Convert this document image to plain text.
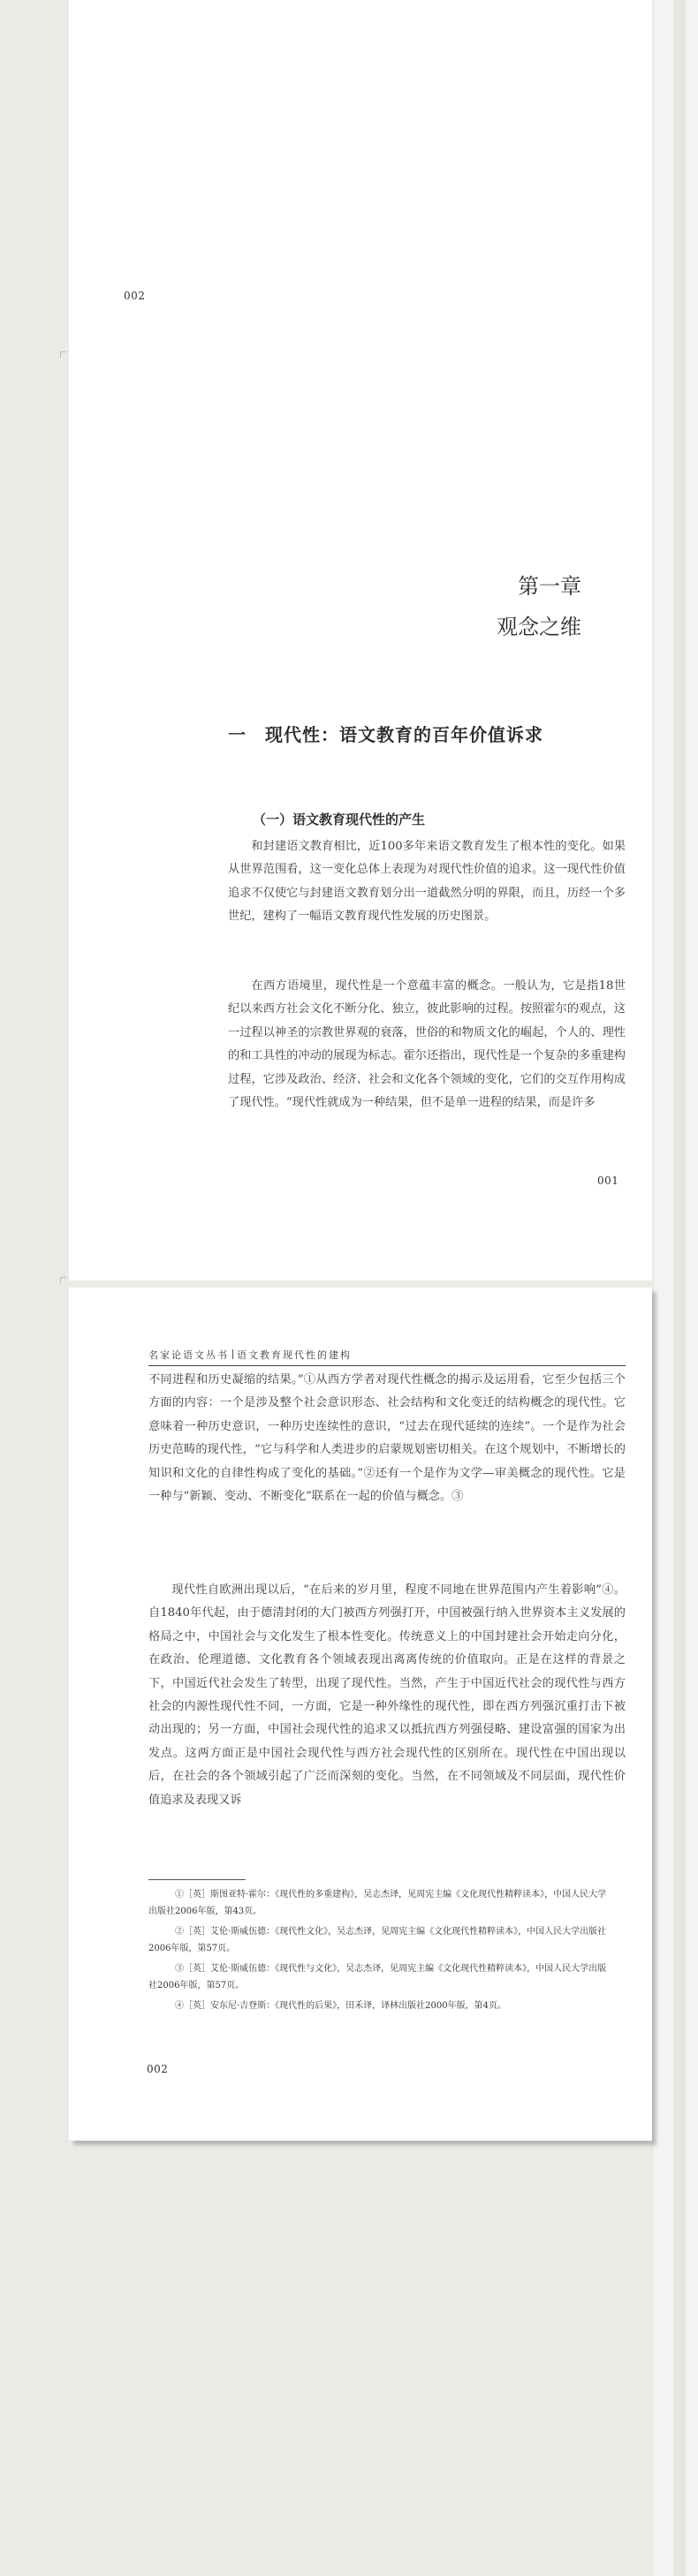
002
第一章
观念之维
一　现代性：语文教育的百年价值诉求
（一）语文教育现代性的产生

和封建语文教育相比，近100多年来语文教育发生了根本性的变化。如果从世界范围看，这一变化总体上表现为对现代性价值的追求。这一现代性价值追求不仅使它与封建语文教育划分出一道截然分明的界限，而且，历经一个多世纪，建构了一幅语文教育现代性发展的历史图景。

在西方语境里，现代性是一个意蕴丰富的概念。一般认为，它是指18世纪以来西方社会文化不断分化、独立，彼此影响的过程。按照霍尔的观点，这一过程以神圣的宗教世界观的衰落，世俗的和物质文化的崛起，个人的、理性的和工具性的冲动的展现为标志。霍尔还指出，现代性是一个复杂的多重建构过程，它涉及政治、经济、社会和文化各个领域的变化，它们的交互作用构成了现代性。“现代性就成为一种结果，但不是单一进程的结果，而是许多

001
名家论语文丛书 语文教育现代性的建构

不同进程和历史凝缩的结果。”①从西方学者对现代性概念的揭示及运用看，它至少包括三个方面的内容：一个是涉及整个社会意识形态、社会结构和文化变迁的结构概念的现代性。它意味着一种历史意识，一种历史连续性的意识，“过去在现代延续的连续”。一个是作为社会历史范畴的现代性，“它与科学和人类进步的启蒙规划密切相关。在这个规划中，不断增长的知识和文化的自律性构成了变化的基础。”②还有一个是作为文学—审美概念的现代性。它是一种与“新颖、变动、不断变化”联系在一起的价值与概念。③

现代性自欧洲出现以后，“在后来的岁月里，程度不同地在世界范围内产生着影响”④。自1840年代起，由于德清封闭的大门被西方列强打开，中国被强行纳入世界资本主义发展的格局之中，中国社会与文化发生了根本性变化。传统意义上的中国封建社会开始走向分化，在政治、伦理道德、文化教育各个领域表现出离离传统的价值取向。正是在这样的背景之下，中国近代社会发生了转型，出现了现代性。当然，产生于中国近代社会的现代性与西方社会的内源性现代性不同，一方面，它是一种外缘性的现代性，即在西方列强沉重打击下被动出现的；另一方面，中国社会现代性的追求又以抵抗西方列强侵略、建设富强的国家为出发点。这两方面正是中国社会现代性与西方社会现代性的区别所在。现代性在中国出现以后，在社会的各个领域引起了广泛而深刻的变化。当然，在不同领域及不同层面，现代性价值追求及表现又诉

①［英］斯图亚特·霍尔：《现代性的多重建构》，吴志杰译，见周宪主编《文化现代性精粹读本》，中国人民大学出版社2006年版，第43页。
②［英］艾伦·斯威伍德：《现代性文化》，吴志杰译，见周宪主编《文化现代性精粹读本》，中国人民大学出版社2006年版，第57页。
③［英］艾伦·斯威伍德：《现代性与文化》，吴志杰译，见周宪主编《文化现代性精粹读本》，中国人民大学出版社2006年版，第57页。
④［英］安东尼·吉登斯：《现代性的后果》，田禾译，译林出版社2000年版，第4页。
002
